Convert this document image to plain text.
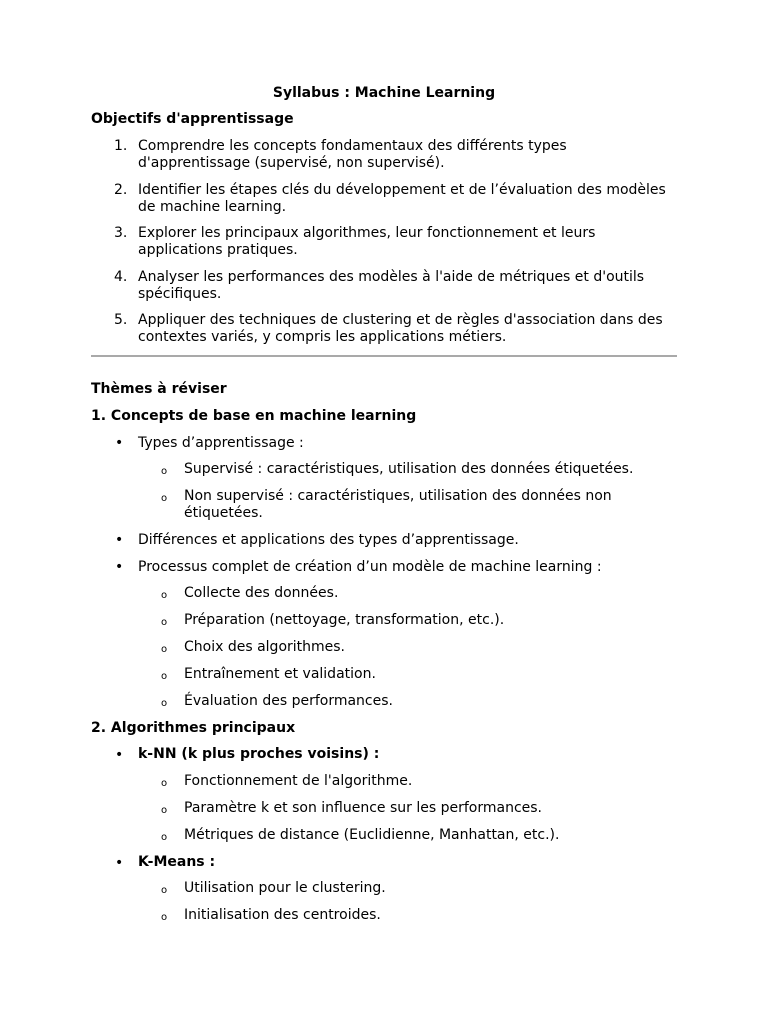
Syllabus : Machine Learning
Objectifs d'apprentissage
1. Comprendre les concepts fondamentaux des différents types d'apprentissage (supervisé, non supervisé).
2. Identifier les étapes clés du développement et de l’évaluation des modèles de machine learning.
3. Explorer les principaux algorithmes, leur fonctionnement et leurs applications pratiques.
4. Analyser les performances des modèles à l'aide de métriques et d'outils spécifiques.
5. Appliquer des techniques de clustering et de règles d'association dans des contextes variés, y compris les applications métiers.
Thèmes à réviser
1. Concepts de base en machine learning
• Types d’apprentissage :
o Supervisé : caractéristiques, utilisation des données étiquetées.
o Non supervisé : caractéristiques, utilisation des données non étiquetées.
• Différences et applications des types d’apprentissage.
• Processus complet de création d’un modèle de machine learning :
o Collecte des données.
o Préparation (nettoyage, transformation, etc.).
o Choix des algorithmes.
o Entraînement et validation.
o Évaluation des performances.
2. Algorithmes principaux
• k-NN (k plus proches voisins) :
o Fonctionnement de l'algorithme.
o Paramètre k et son influence sur les performances.
o Métriques de distance (Euclidienne, Manhattan, etc.).
• K-Means :
o Utilisation pour le clustering.
o Initialisation des centroides.
